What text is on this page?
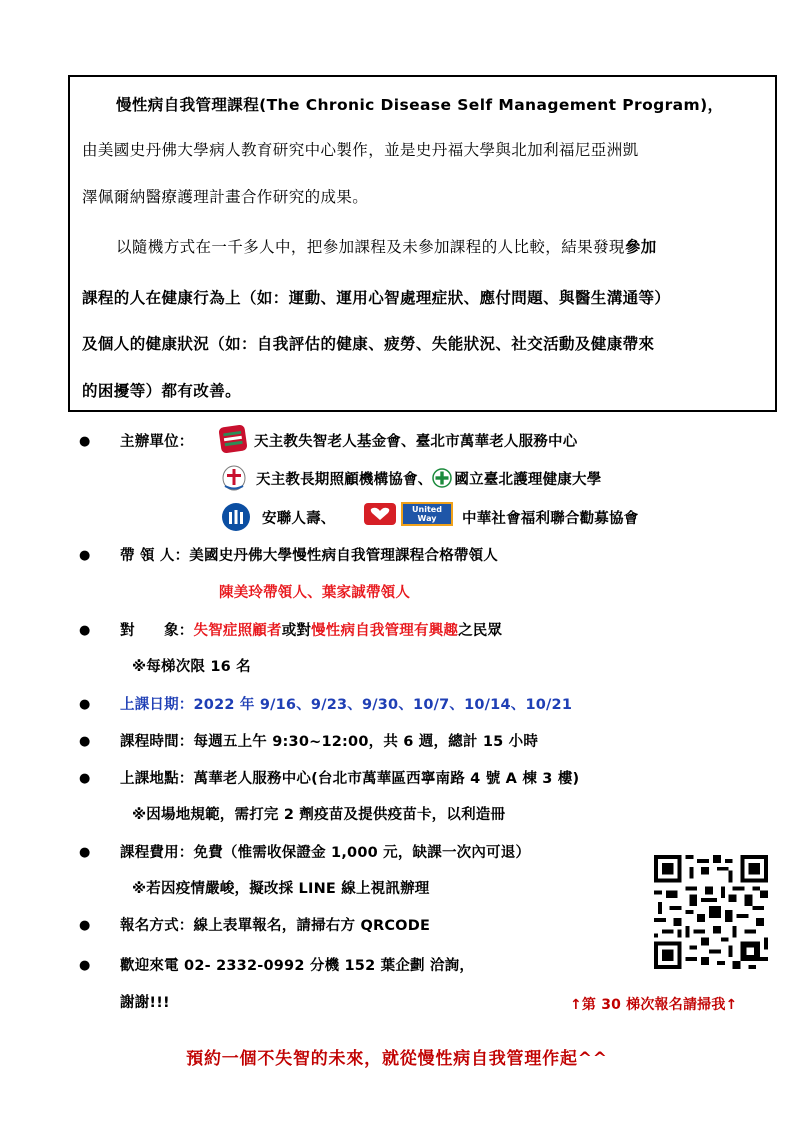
慢性病自我管理課程(The Chronic Disease Self Management Program)，
由美國史丹佛大學病人教育研究中心製作，並是史丹福大學與北加利福尼亞洲凱
澤佩爾納醫療護理計畫合作研究的成果。
以隨機方式在一千多人中，把參加課程及未參加課程的人比較，結果發現參加
課程的人在健康行為上（如：運動、運用心智處理症狀、應付問題、與醫生溝通等）
及個人的健康狀況（如：自我評估的健康、疲勞、失能狀況、社交活動及健康帶來
的困擾等）都有改善。
● 主辦單位：	天主教失智老人基金會、臺北市萬華老人服務中心
天主教長期照顧機構協會、 國立臺北護理健康大學
安聯人壽、
United
Way 中華社會福利聯合勸募協會
● 帶 領 人：美國史丹佛大學慢性病自我管理課程合格帶領人
陳美玲帶領人、葉家誠帶領人
● 對　　象：失智症照顧者或對慢性病自我管理有興趣之民眾
※每梯次限 16 名
● 上課日期：2022 年 9/16、9/23、9/30、10/7、10/14、10/21
● 課程時間：每週五上午 9:30~12:00，共 6 週，總計 15 小時
● 上課地點：萬華老人服務中心(台北市萬華區西寧南路 4 號 A 棟 3 樓)
※因場地規範，需打完 2 劑疫苗及提供疫苗卡，以利造冊
● 課程費用：免費（惟需收保證金 1,000 元，缺課一次內可退）
※若因疫情嚴峻，擬改採 LINE 線上視訊辦理
● 報名方式：線上表單報名，請掃右方 QRCODE
● 歡迎來電 02- 2332-0992 分機 152 葉企劃 洽詢，
謝謝!!!	↑第 30 梯次報名請掃我↑
預約一個不失智的未來，就從慢性病自我管理作起^^
